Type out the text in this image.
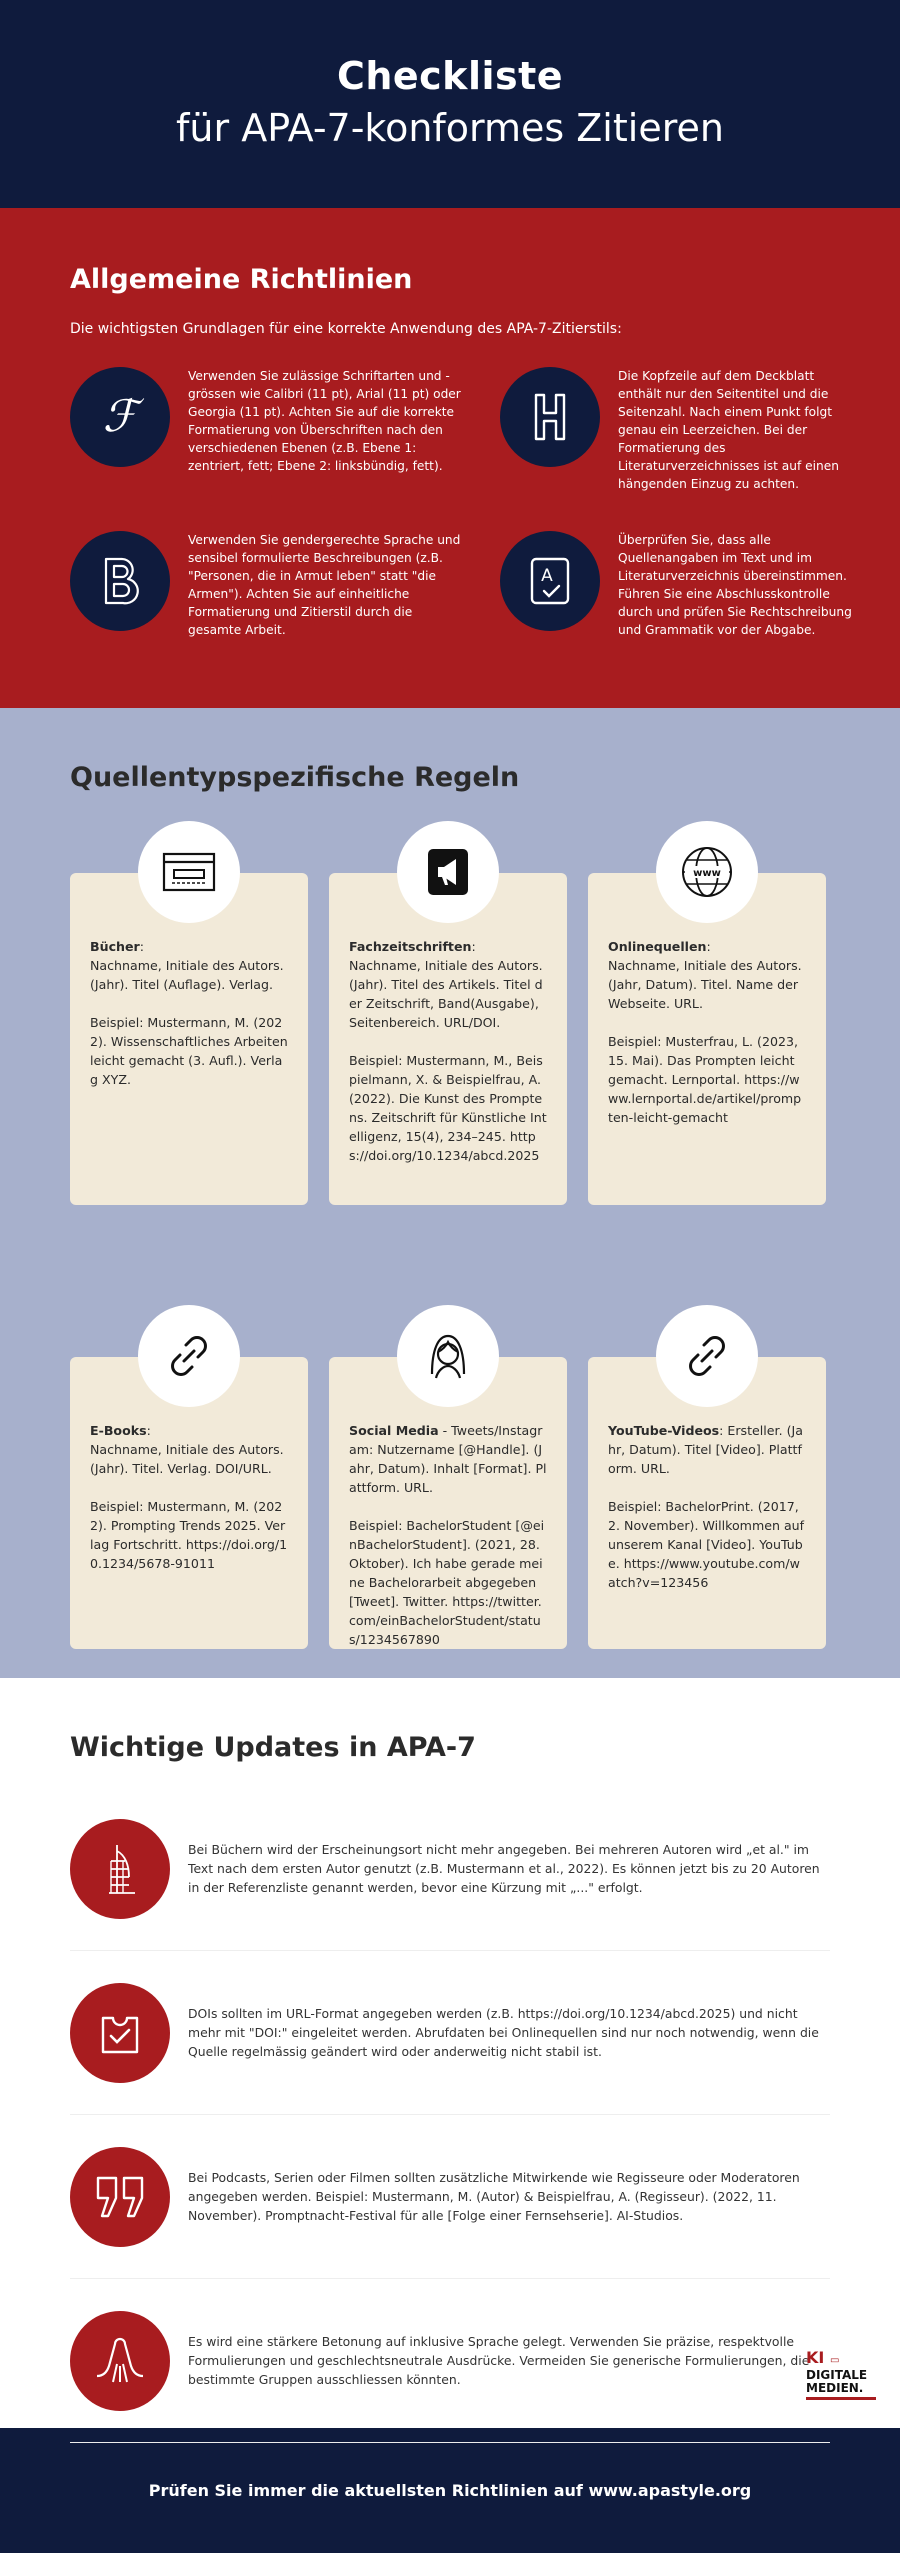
Checkliste
für APA-7-konformes Zitieren
Allgemeine Richtlinien

Die wichtigsten Grundlagen für eine korrekte Anwendung des APA-7-Zitierstils:

ℱ

Verwenden Sie zulässige Schriftarten und -grössen wie Calibri (11 pt), Arial (11 pt) oder Georgia (11 pt). Achten Sie auf die korrekte Formatierung von Überschriften nach den verschiedenen Ebenen (z.B. Ebene 1: zentriert, fett; Ebene 2: linksbündig, fett).

Die Kopfzeile auf dem Deckblatt enthält nur den Seitentitel und die Seitenzahl. Nach einem Punkt folgt genau ein Leerzeichen. Bei der Formatierung des Literaturverzeichnisses ist auf einen hängenden Einzug zu achten.

Verwenden Sie gendergerechte Sprache und sensibel formulierte Beschreibungen (z.B. "Personen, die in Armut leben" statt "die Armen"). Achten Sie auf einheitliche Formatierung und Zitierstil durch die gesamte Arbeit.

A

Überprüfen Sie, dass alle Quellenangaben im Text und im Literaturverzeichnis übereinstimmen. Führen Sie eine Abschlusskontrolle durch und prüfen Sie Rechtschreibung und Grammatik vor der Abgabe.

Quellentypspezifische Regeln
Bücher:
Nachname, Initiale des Autors. (Jahr). Titel (Auflage). Verlag.
Beispiel: Mustermann, M. (2022). Wissenschaftliches Arbeiten leicht gemacht (3. Aufl.). Verlag XYZ.
Fachzeitschriften:
Nachname, Initiale des Autors. (Jahr). Titel des Artikels. Titel der Zeitschrift, Band(Ausgabe), Seitenbereich. URL/DOI.
Beispiel: Mustermann, M., Beispielmann, X. & Beispielfrau, A. (2022). Die Kunst des Promptens. Zeitschrift für Künstliche Intelligenz, 15(4), 234–245. https://doi.org/10.1234/abcd.2025
www
Onlinequellen:
Nachname, Initiale des Autors. (Jahr, Datum). Titel. Name der Webseite. URL.
Beispiel: Musterfrau, L. (2023, 15. Mai). Das Prompten leicht gemacht. Lernportal. https://www.lernportal.de/artikel/prompten-leicht-gemacht
E-Books:
Nachname, Initiale des Autors. (Jahr). Titel. Verlag. DOI/URL.
Beispiel: Mustermann, M. (2022). Prompting Trends 2025. Verlag Fortschritt. https://doi.org/10.1234/5678-91011
Social Media - Tweets/Instagram: Nutzername [@Handle]. (Jahr, Datum). Inhalt [Format]. Plattform. URL.
Beispiel: BachelorStudent [@einBachelorStudent]. (2021, 28. Oktober). Ich habe gerade meine Bachelorarbeit abgegeben [Tweet]. Twitter. https://twitter.com/einBachelorStudent/status/1234567890
YouTube-Videos: Ersteller. (Jahr, Datum). Titel [Video]. Plattform. URL.
Beispiel: BachelorPrint. (2017, 2. November). Willkommen auf unserem Kanal [Video]. YouTube. https://www.youtube.com/watch?v=123456
Wichtige Updates in APA-7

Bei Büchern wird der Erscheinungsort nicht mehr angegeben. Bei mehreren Autoren wird „et al." im Text nach dem ersten Autor genutzt (z.B. Mustermann et al., 2022). Es können jetzt bis zu 20 Autoren in der Referenzliste genannt werden, bevor eine Kürzung mit „..." erfolgt.

DOIs sollten im URL-Format angegeben werden (z.B. https://doi.org/10.1234/abcd.2025) und nicht mehr mit "DOI:" eingeleitet werden. Abrufdaten bei Onlinequellen sind nur noch notwendig, wenn die Quelle regelmässig geändert wird oder anderweitig nicht stabil ist.

Bei Podcasts, Serien oder Filmen sollten zusätzliche Mitwirkende wie Regisseure oder Moderatoren angegeben werden. Beispiel: Mustermann, M. (Autor) & Beispielfrau, A. (Regisseur). (2022, 11. November). Promptnacht-Festival für alle [Folge einer Fernsehserie]. AI-Studios.

Es wird eine stärkere Betonung auf inklusive Sprache gelegt. Verwenden Sie präzise, respektvolle Formulierungen und geschlechtsneutrale Ausdrücke. Vermeiden Sie generische Formulierungen, die bestimmte Gruppen ausschliessen könnten.

KI ▭
DIGITALE
MEDIEN.
Prüfen Sie immer die aktuellsten Richtlinien auf www.apastyle.org
